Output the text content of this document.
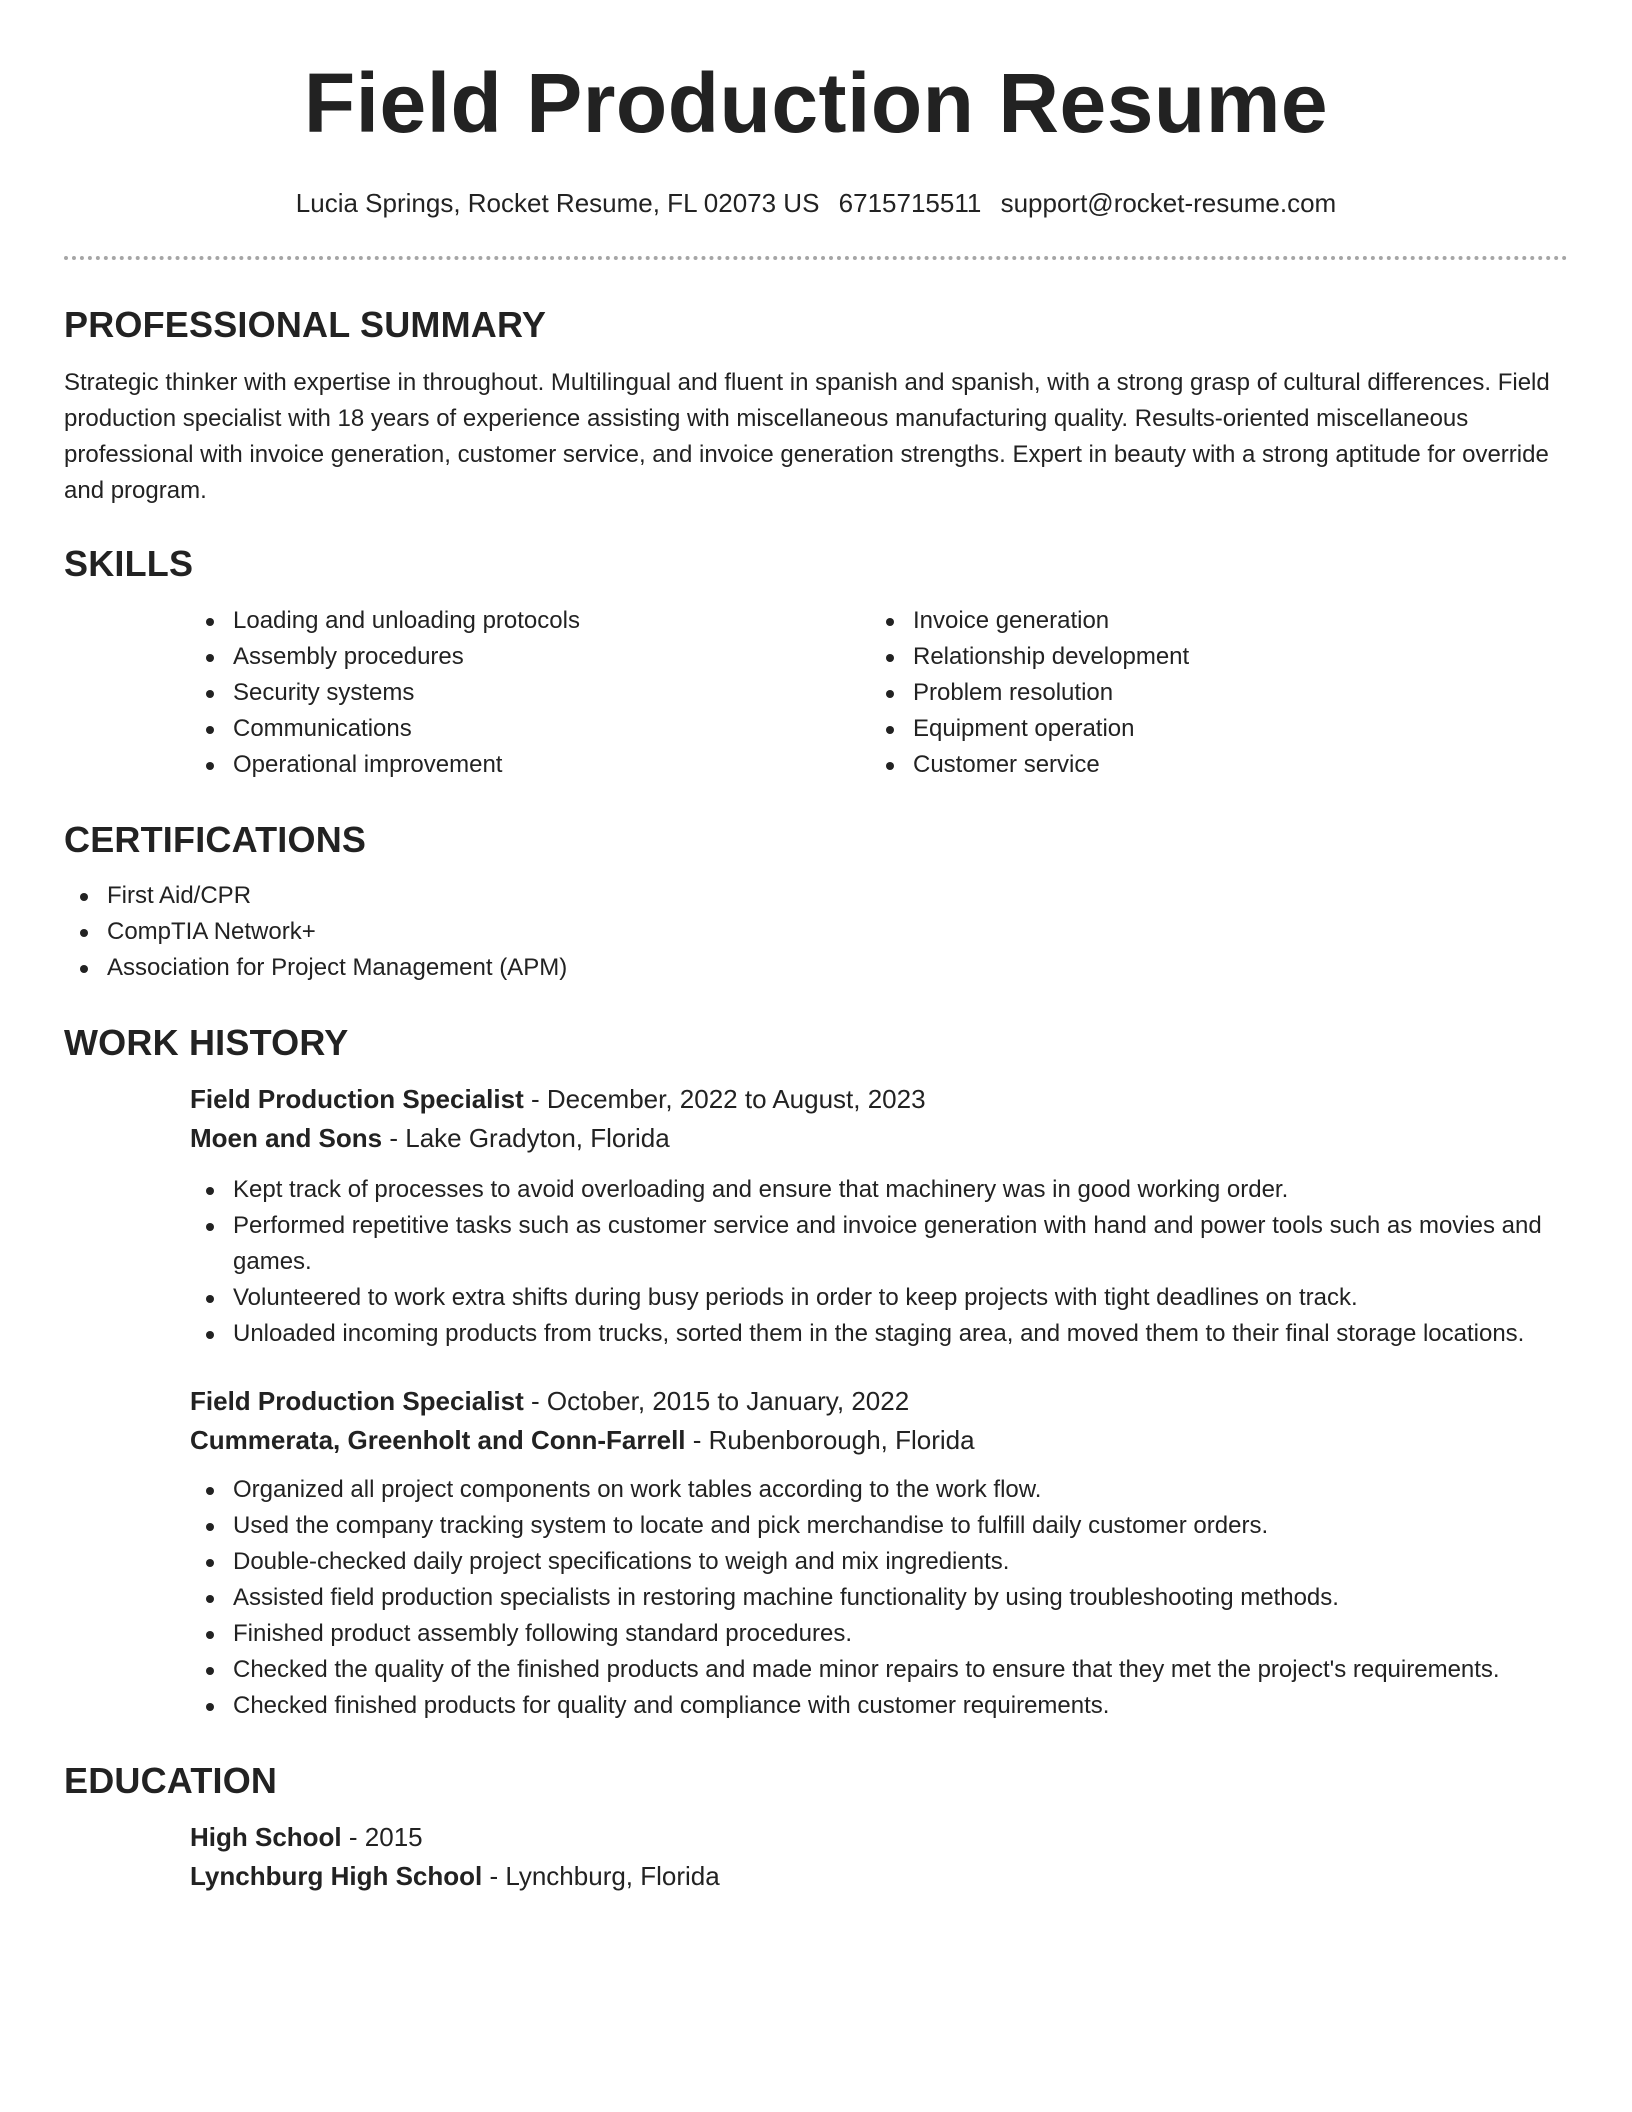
Field Production Resume
Lucia Springs, Rocket Resume, FL 02073 US 6715715511 support@rocket-resume.com
PROFESSIONAL SUMMARY

Strategic thinker with expertise in throughout. Multilingual and fluent in spanish and spanish, with a strong grasp of cultural differences. Field production specialist with 18 years of experience assisting with miscellaneous manufacturing quality. Results-oriented miscellaneous professional with invoice generation, customer service, and invoice generation strengths. Expert in beauty with a strong aptitude for override and program.

SKILLS
Loading and unloading protocols
Assembly procedures
Security systems
Communications
Operational improvement
Invoice generation
Relationship development
Problem resolution
Equipment operation
Customer service
CERTIFICATIONS
First Aid/CPR
CompTIA Network+
Association for Project Management (APM)
WORK HISTORY
Field Production Specialist - December, 2022 to August, 2023
Moen and Sons - Lake Gradyton, Florida
Kept track of processes to avoid overloading and ensure that machinery was in good working order.
Performed repetitive tasks such as customer service and invoice generation with hand and power tools such as movies and games.
Volunteered to work extra shifts during busy periods in order to keep projects with tight deadlines on track.
Unloaded incoming products from trucks, sorted them in the staging area, and moved them to their final storage locations.
Field Production Specialist - October, 2015 to January, 2022
Cummerata, Greenholt and Conn-Farrell - Rubenborough, Florida
Organized all project components on work tables according to the work flow.
Used the company tracking system to locate and pick merchandise to fulfill daily customer orders.
Double-checked daily project specifications to weigh and mix ingredients.
Assisted field production specialists in restoring machine functionality by using troubleshooting methods.
Finished product assembly following standard procedures.
Checked the quality of the finished products and made minor repairs to ensure that they met the project's requirements.
Checked finished products for quality and compliance with customer requirements.
EDUCATION
High School - 2015
Lynchburg High School - Lynchburg, Florida
